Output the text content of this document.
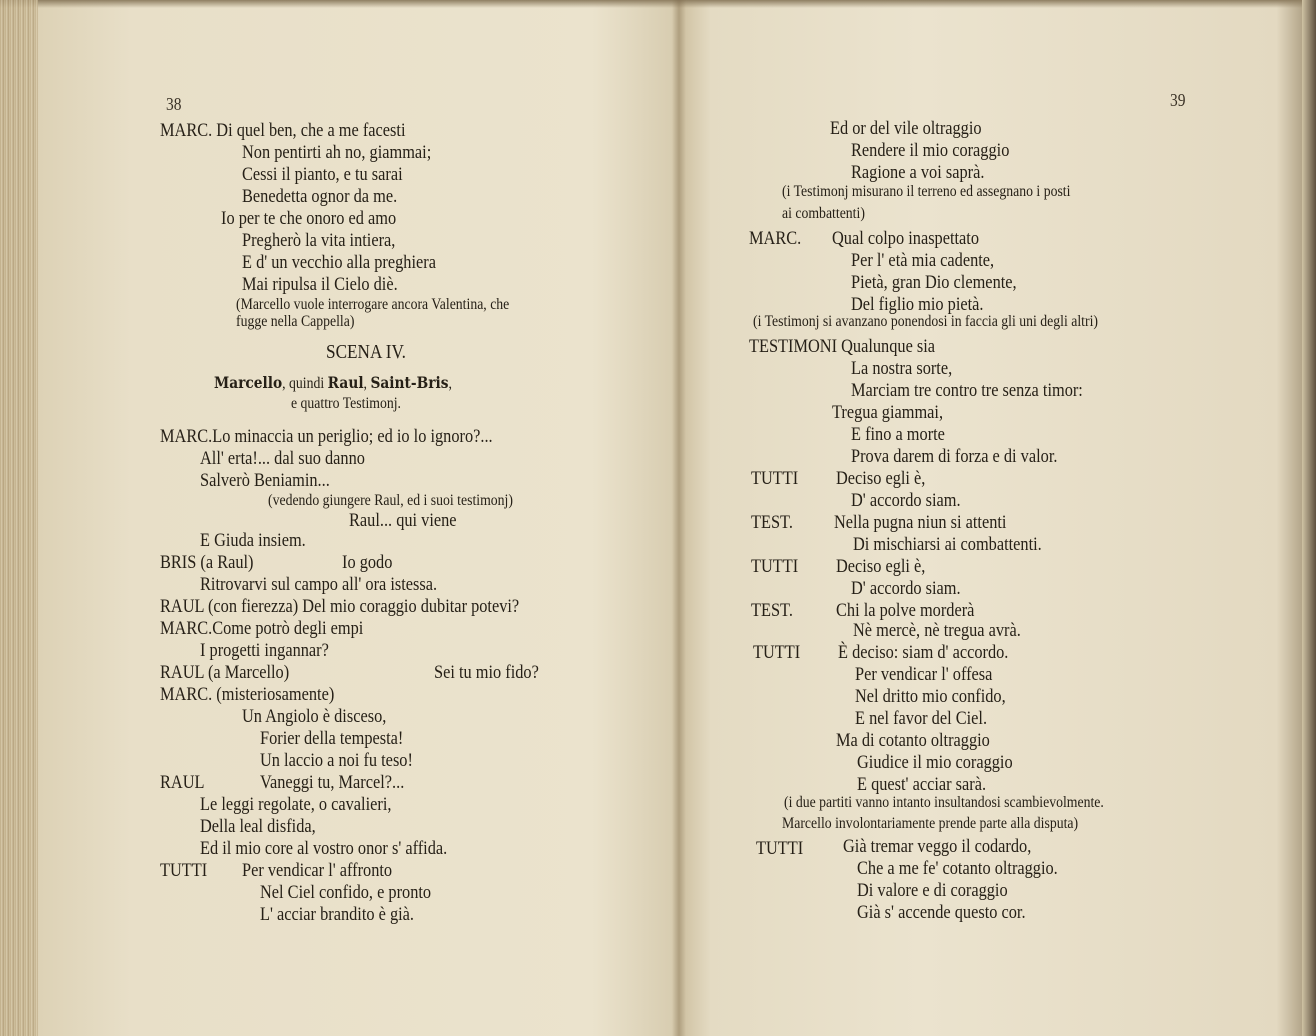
38
MARC. Di quel ben, che a me facesti
Non pentirti ah no, giammai;
Cessi il pianto, e tu sarai
Benedetta ognor da me.
Io per te che onoro ed amo
Pregherò la vita intiera,
E d' un vecchio alla preghiera
Mai ripulsa il Cielo diè.
(Marcello vuole interrogare ancora Valentina, che
fugge nella Cappella)
SCENA IV.
Marcello, quindi Raul, Saint-Bris,
e quattro Testimonj.
MARC.Lo minaccia un periglio; ed io lo ignoro?...
All' erta!... dal suo danno
Salverò Beniamin...
(vedendo giungere Raul, ed i suoi testimonj)
Raul... qui viene
E Giuda insiem.
BRIS (a Raul)	Io godo
Ritrovarvi sul campo all' ora istessa.
RAUL (con fierezza) Del mio coraggio dubitar potevi?
MARC.Come potrò degli empi
I progetti ingannar?
RAUL (a Marcello)	Sei tu mio fido?
MARC. (misteriosamente)
Un Angiolo è disceso,
Forier della tempesta!
Un laccio a noi fu teso!
RAUL	Vaneggi tu, Marcel?...
Le leggi regolate, o cavalieri,
Della leal disfida,
Ed il mio core al vostro onor s' affida.
TUTTI Per vendicar l' affronto
Nel Ciel confido, e pronto
L' acciar brandito è già.
39
Ed or del vile oltraggio
Rendere il mio coraggio
Ragione a voi saprà.
(i Testimonj misurano il terreno ed assegnano i posti
ai combattenti)
MARC. Qual colpo inaspettato
Per l' età mia cadente,
Pietà, gran Dio clemente,
Del figlio mio pietà.
(i Testimonj si avanzano ponendosi in faccia gli uni degli altri)
TESTIMONI Qualunque sia
La nostra sorte,
Marciam tre contro tre senza timor:
Tregua giammai,
E fino a morte
Prova darem di forza e di valor.
TUTTI Deciso egli è,
D' accordo siam.
TEST. Nella pugna niun si attenti
Di mischiarsi ai combattenti.
TUTTI Deciso egli è,
D' accordo siam.
TEST. Chi la polve morderà
Nè mercè, nè tregua avrà.
TUTTI È deciso: siam d' accordo.
Per vendicar l' offesa
Nel dritto mio confido,
E nel favor del Ciel.
Ma di cotanto oltraggio
Giudice il mio coraggio
E quest' acciar sarà.
(i due partiti vanno intanto insultandosi scambievolmente.
Marcello involontariamente prende parte alla disputa)
TUTTI Già tremar veggo il codardo,
Che a me fe' cotanto oltraggio.
Di valore e di coraggio
Già s' accende questo cor.
